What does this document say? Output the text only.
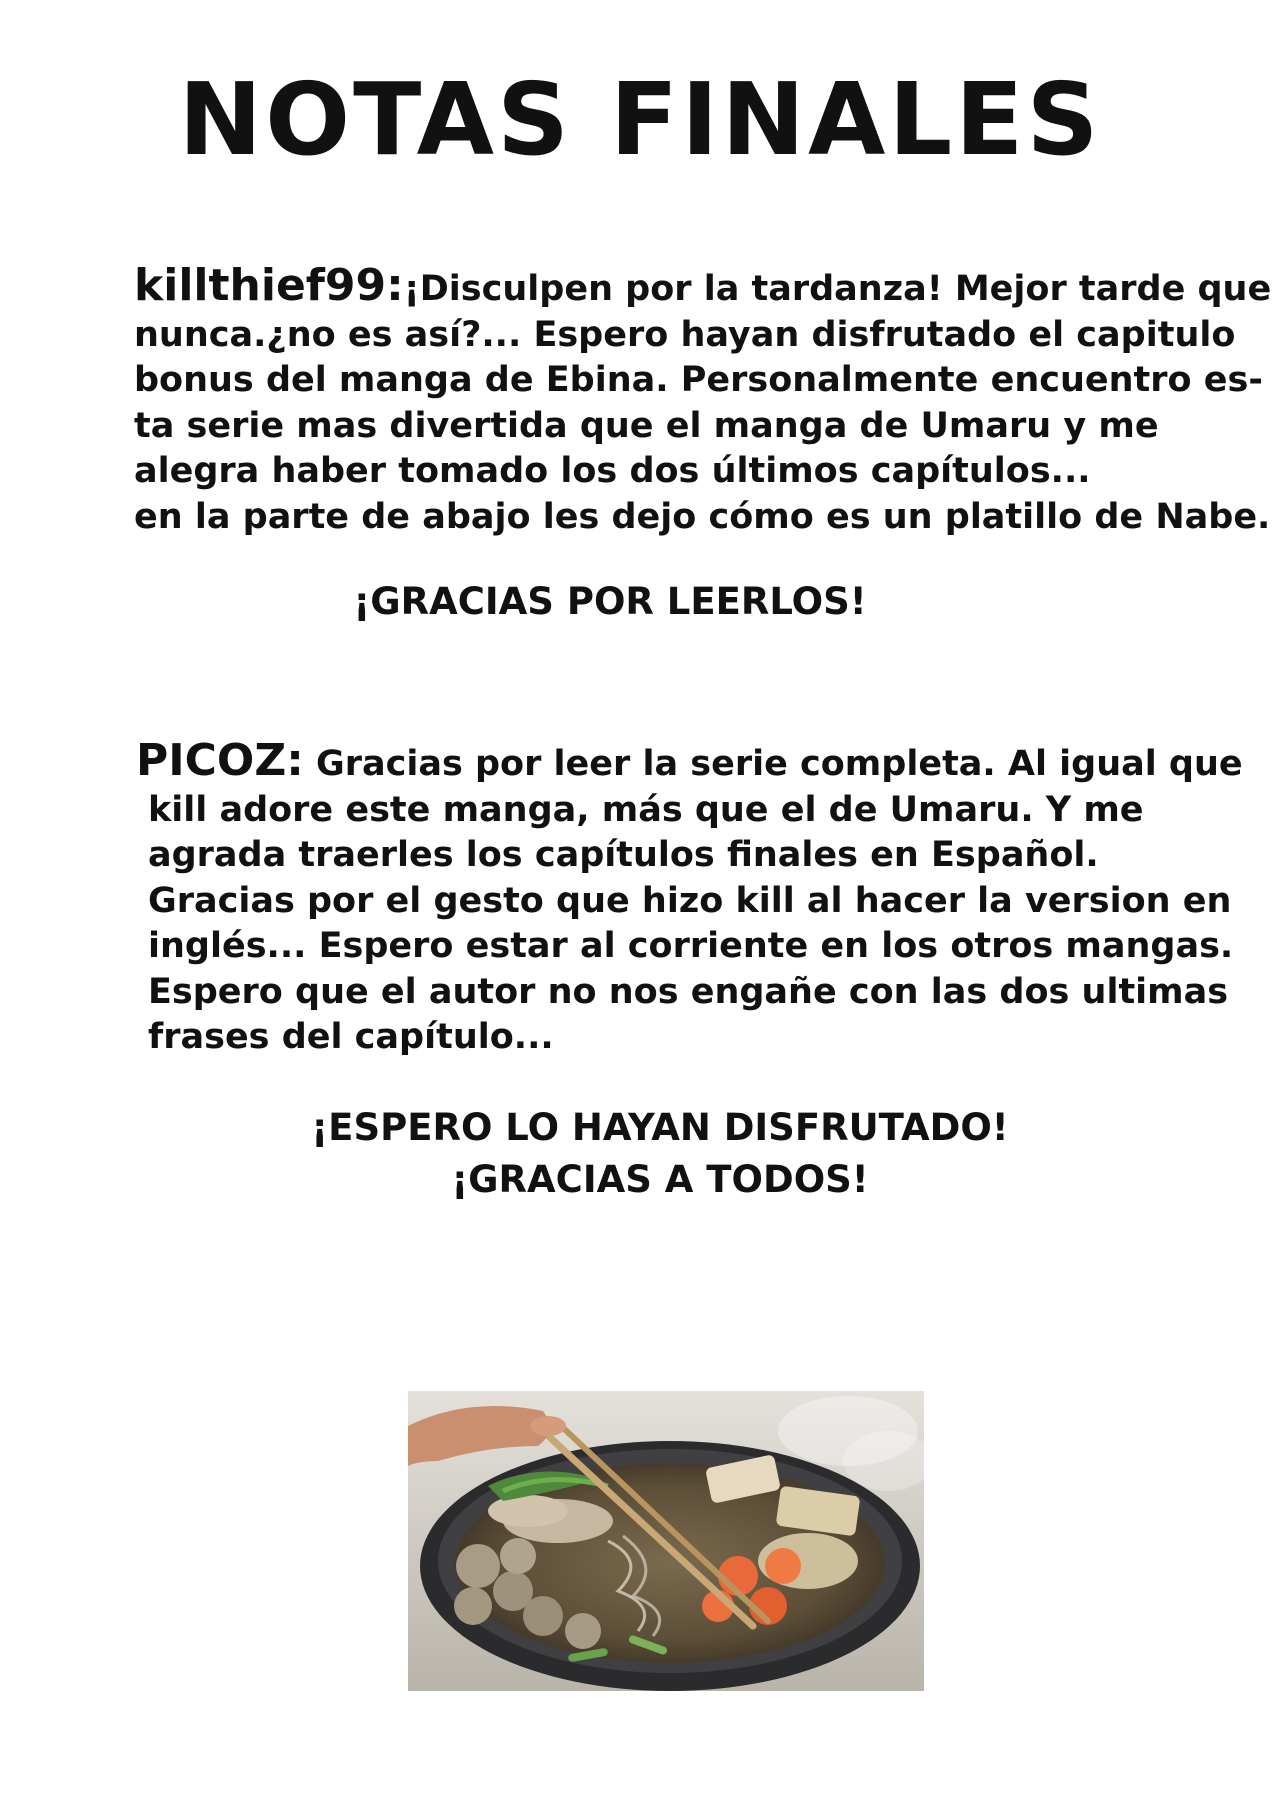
NOTAS FINALES
killthief99:¡Disculpen por la tardanza! Mejor tarde que
nunca.¿no es así?... Espero hayan disfrutado el capitulo
bonus del manga de Ebina. Personalmente encuentro es-
ta serie mas divertida que el manga de Umaru y me
alegra haber tomado los dos últimos capítulos...
en la parte de abajo les dejo cómo es un platillo de Nabe.
¡GRACIAS POR LEERLOS!
PICOZ: Gracias por leer la serie completa. Al igual que
kill adore este manga, más que el de Umaru. Y me
agrada traerles los capítulos finales en Español.
Gracias por el gesto que hizo kill al hacer la version en
inglés... Espero estar al corriente en los otros mangas.
Espero que el autor no nos engañe con las dos ultimas
frases del capítulo...
¡ESPERO LO HAYAN DISFRUTADO!
¡GRACIAS A TODOS!
